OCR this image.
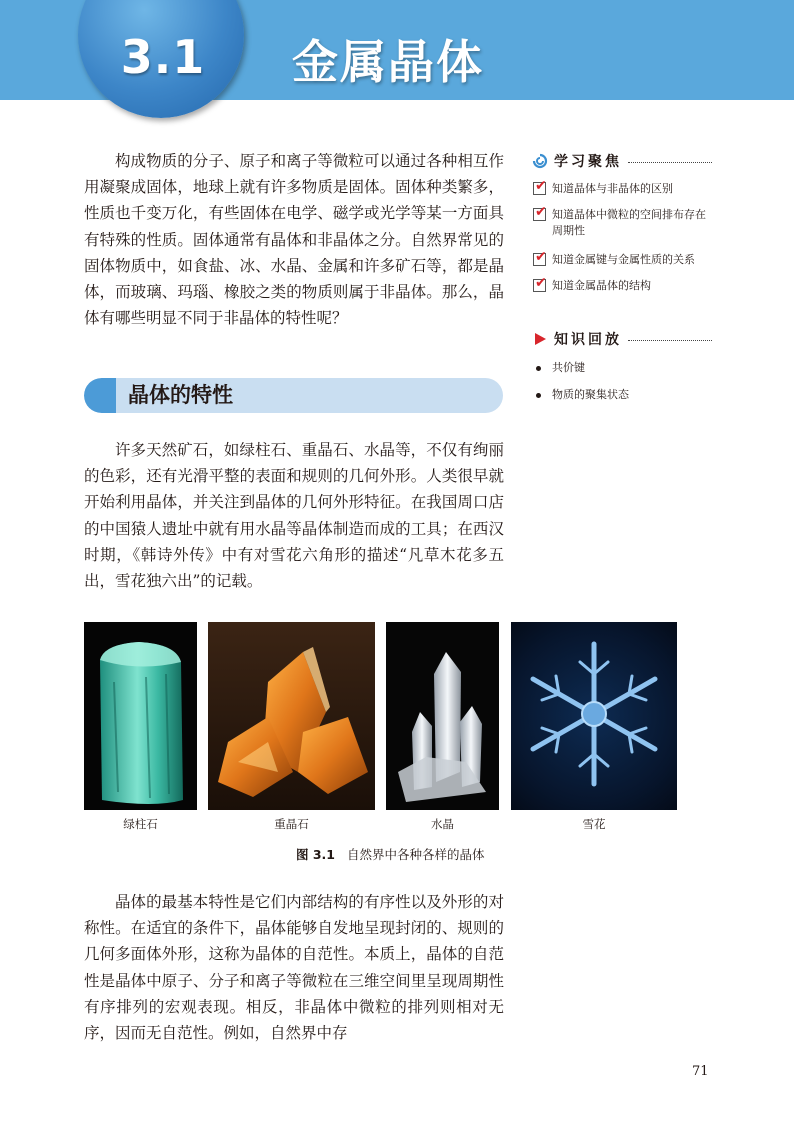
3.1 金属晶体

构成物质的分子、原子和离子等微粒可以通过各种相互作用凝聚成固体，地球上就有许多物质是固体。固体种类繁多，性质也千变万化，有些固体在电学、磁学或光学等某一方面具有特殊的性质。固体通常有晶体和非晶体之分。自然界常见的固体物质中，如食盐、冰、水晶、金属和许多矿石等，都是晶体，而玻璃、玛瑙、橡胶之类的物质则属于非晶体。那么，晶体有哪些明显不同于非晶体的特性呢？

学习聚焦
✔ 知道晶体与非晶体的区别
✔ 知道晶体中微粒的空间排布存在周期性
✔ 知道金属键与金属性质的关系
✔ 知道金属晶体的结构
知识回放
共价键
物质的聚集状态
晶体的特性

许多天然矿石，如绿柱石、重晶石、水晶等，不仅有绚丽的色彩，还有光滑平整的表面和规则的几何外形。人类很早就开始利用晶体，并关注到晶体的几何外形特征。在我国周口店的中国猿人遗址中就有用水晶等晶体制造而成的工具；在西汉时期，《韩诗外传》中有对雪花六角形的描述“凡草木花多五出，雪花独六出”的记载。

绿柱石	重晶石	水晶	雪花
图 3.1 自然界中各种各样的晶体

晶体的最基本特性是它们内部结构的有序性以及外形的对称性。在适宜的条件下，晶体能够自发地呈现封闭的、规则的几何多面体外形，这称为晶体的自范性。本质上，晶体的自范性是晶体中原子、分子和离子等微粒在三维空间里呈现周期性有序排列的宏观表现。相反，非晶体中微粒的排列则相对无序，因而无自范性。例如，自然界中存

71
